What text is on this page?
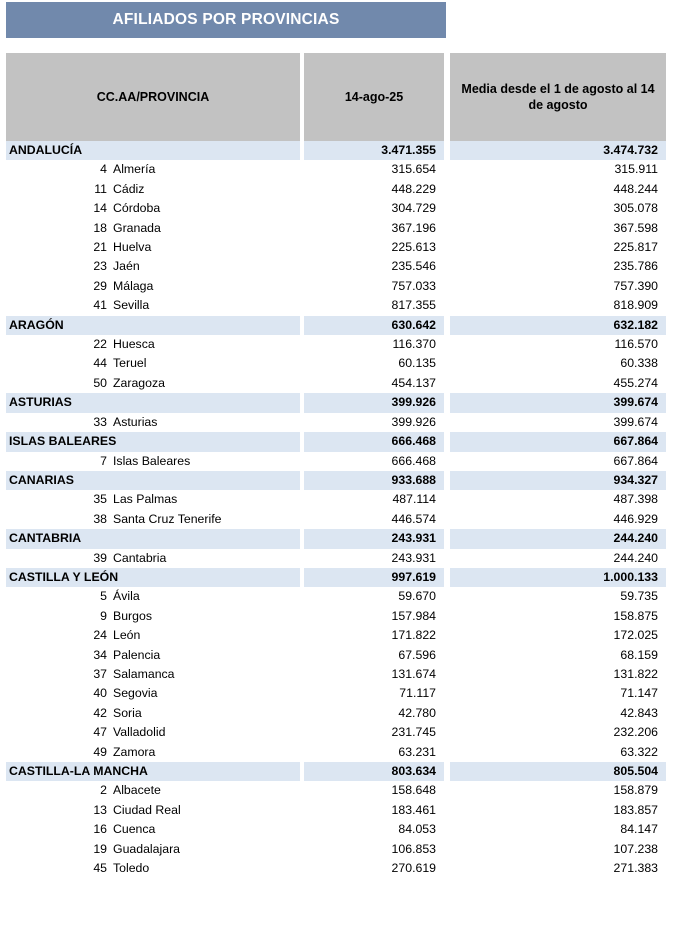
AFILIADOS POR PROVINCIAS
CC.AA/PROVINCIA		14-ago-25		Media desde el 1 de agosto al 14 de agosto
ANDALUCÍA		3.471.355		3.474.732

4 Almería		315.654		315.911

11 Cádiz		448.229		448.244

14 Córdoba		304.729		305.078

18 Granada		367.196		367.598

21 Huelva		225.613		225.817

23 Jaén		235.546		235.786

29 Málaga		757.033		757.390

41 Sevilla		817.355		818.909
ARAGÓN		630.642		632.182

22 Huesca		116.370		116.570

44 Teruel		60.135		60.338

50 Zaragoza		454.137		455.274
ASTURIAS		399.926		399.674

33 Asturias		399.926		399.674
ISLAS BALEARES		666.468		667.864

7 Islas Baleares		666.468		667.864
CANARIAS		933.688		934.327

35 Las Palmas		487.114		487.398

38 Santa Cruz Tenerife		446.574		446.929
CANTABRIA		243.931		244.240

39 Cantabria		243.931		244.240
CASTILLA Y LEÓN		997.619		1.000.133

5 Ávila		59.670		59.735

9 Burgos		157.984		158.875

24 León		171.822		172.025

34 Palencia		67.596		68.159

37 Salamanca		131.674		131.822

40 Segovia		71.117		71.147

42 Soria		42.780		42.843

47 Valladolid		231.745		232.206

49 Zamora		63.231		63.322
CASTILLA-LA MANCHA		803.634		805.504

2 Albacete		158.648		158.879

13 Ciudad Real		183.461		183.857

16 Cuenca		84.053		84.147

19 Guadalajara		106.853		107.238

45 Toledo		270.619		271.383
